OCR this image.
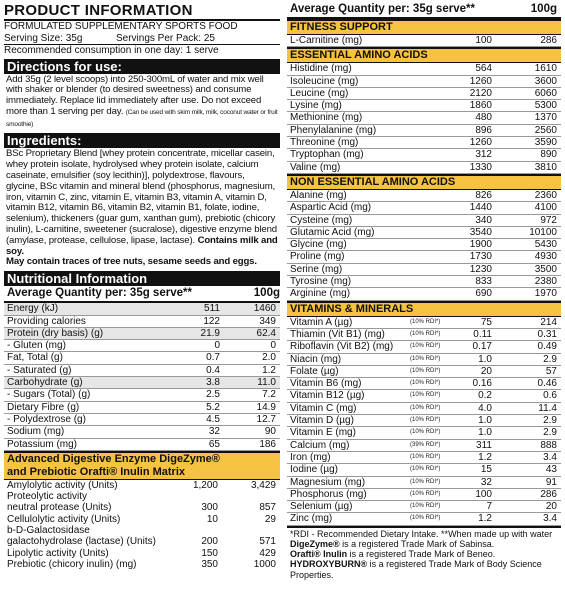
PRODUCT INFORMATION
FORMULATED SUPPLEMENTARY SPORTS FOOD
Serving Size: 35g	Servings Per Pack: 25
Recommended consumption in one day: 1 serve
Directions for use:
Add 35g (2 level scoops) into 250-300mL of water and mix well with shaker or blender (to desired sweetness) and consume immediately. Replace lid immediately after use. Do not exceed more than 1 serving per day. (Can be used with skim milk, milk, coconut water or fruit smoothie)
Ingredients:
BSc Proprietary Blend [whey protein concentrate, micellar casein, whey protein isolate, hydrolysed whey protein isolate, calcium caseinate, emulsifier (soy lecithin)], polydextrose, flavours, glycine, BSc vitamin and mineral blend (phosphorus, magnesium, iron, vitamin C, zinc, vitamin E, vitamin B3, vitamin A, vitamin D, vitamin B12, vitamin B6, vitamin B2, vitamin B1, folate, iodine, selenium), thickeners (guar gum, xanthan gum), prebiotic (chicory inulin), L-carnitine, sweetener (sucralose), digestive enzyme blend (amylase, protease, cellulose, lipase, lactase). Contains milk and soy.
May contain traces of tree nuts, sesame seeds and eggs.
Nutritional Information
Average Quantity per: 35g serve**	100g
Energy (kJ)	511	1460
Providing calories	122	349
Protein (dry basis) (g)	21.9	62.4
- Gluten (mg)	0	0
Fat, Total (g)	0.7	2.0
- Saturated (g)	0.4	1.2
Carbohydrate (g)	3.8	11.0
- Sugars (Total) (g)	2.5	7.2
Dietary Fibre (g)	5.2	14.9
- Polydextrose (g)	4.5	12.7
Sodium (mg)	32	90
Potassium (mg)	65	186
Advanced Digestive Enzyme DigeZyme®
and Prebiotic Orafti® Inulin Matrix
Amylolytic activity (Units)	1,200	3,429
Proteolytic activity
neutral protease (Units)	300	857
Cellulolytic activity (Units)	10	29
b-D-Galactosidase
galactohydrolase (lactase) (Units)	200	571
Lipolytic activity (Units)	150	429
Prebiotic (chicory inulin) (mg)	350	1000
Average Quantity per: 35g serve**	100g
FITNESS SUPPORT
L-Carnitine (mg)	100	286
ESSENTIAL AMINO ACIDS
Histidine (mg)	564	1610
Isoleucine (mg)	1260	3600
Leucine (mg)	2120	6060
Lysine (mg)	1860	5300
Methionine (mg)	480	1370
Phenylalanine (mg)	896	2560
Threonine (mg)	1260	3590
Tryptophan (mg)	312	890
Valine (mg)	1330	3810
NON ESSENTIAL AMINO ACIDS
Alanine (mg)	826	2360
Aspartic Acid (mg)	1440	4100
Cysteine (mg)	340	972
Glutamic Acid (mg)	3540	10100
Glycine (mg)	1900	5430
Proline (mg)	1730	4930
Serine (mg)	1230	3500
Tyrosine (mg)	833	2380
Arginine (mg)	690	1970
VITAMINS & MINERALS
Vitamin A (µg)	(10% RDI*)	75	214
Thiamin (Vit B1) (mg)	(10% RDI*)	0.11	0.31
Riboflavin (Vit B2) (mg)	(10% RDI*)	0.17	0.49
Niacin (mg)	(10% RDI*)	1.0	2.9
Folate (µg)	(10% RDI*)	20	57
Vitamin B6 (mg)	(10% RDI*)	0.16	0.46
Vitamin B12 (µg)	(10% RDI*)	0.2	0.6
Vitamin C (mg)	(10% RDI*)	4.0	11.4
Vitamin D (µg)	(10% RDI*)	1.0	2.9
Vitamin E (mg)	(10% RDI*)	1.0	2.9
Calcium (mg)	(39% RDI*)	311	888
Iron (mg)	(10% RDI*)	1.2	3.4
Iodine (µg)	(10% RDI*)	15	43
Magnesium (mg)	(10% RDI*)	32	91
Phosphorus (mg)	(10% RDI*)	100	286
Selenium (µg)	(10% RDI*)	7	20
Zinc (mg)	(10% RDI*)	1.2	3.4
*RDI - Recommended Dietary Intake. **When made up with water
DigeZyme® is a registered Trade Mark of Sabinsa.
Orafti® Inulin is a registered Trade Mark of Beneo.
HYDROXYBURN® is a registered Trade Mark of Body Science Properties.
